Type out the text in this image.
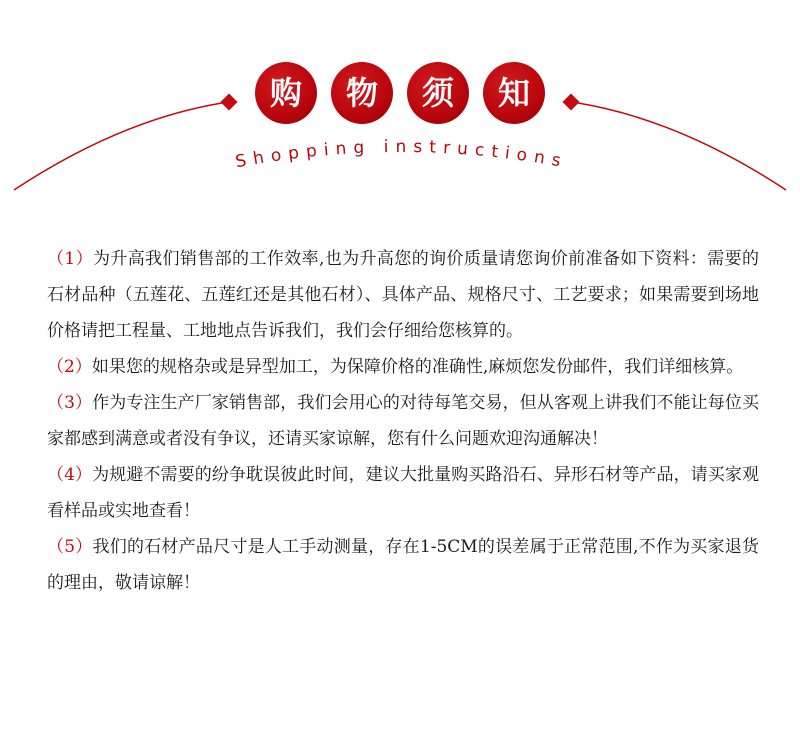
购	物	须	知
Shopping instructions

（1）为升高我们销售部的工作效率,也为升高您的询价质量请您询价前准备如下资料：需要的石材品种（五莲花、五莲红还是其他石材）、具体产品、规格尺寸、工艺要求；如果需要到场地价格请把工程量、工地地点告诉我们，我们会仔细给您核算的。

（2）如果您的规格杂或是异型加工，为保障价格的准确性,麻烦您发份邮件，我们详细核算。

（3）作为专注生产厂家销售部，我们会用心的对待每笔交易，但从客观上讲我们不能让每位买家都感到满意或者没有争议，还请买家谅解，您有什么问题欢迎沟通解决！

（4）为规避不需要的纷争耽误彼此时间，建议大批量购买路沿石、异形石材等产品，请买家观看样品或实地查看！

（5）我们的石材产品尺寸是人工手动测量，存在1-5CM的误差属于正常范围,不作为买家退货的理由，敬请谅解！
